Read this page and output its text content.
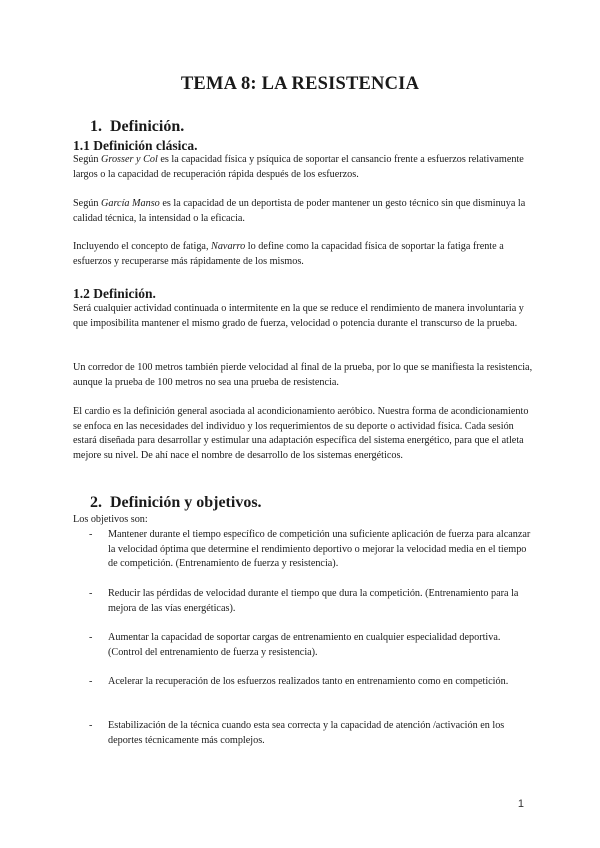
TEMA 8: LA RESISTENCIA
1. Definición.
1.1 Definición clásica.

Según Grosser y Col es la capacidad física y psíquica de soportar el cansancio frente a esfuerzos relativamente largos o la capacidad de recuperación rápida después de los esfuerzos.

Según García Manso es la capacidad de un deportista de poder mantener un gesto técnico sin que disminuya la calidad técnica, la intensidad o la eficacia.

Incluyendo el concepto de fatiga, Navarro lo define como la capacidad física de soportar la fatiga frente a esfuerzos y recuperarse más rápidamente de los mismos.

1.2 Definición.

Será cualquier actividad continuada o intermitente en la que se reduce el rendimiento de manera involuntaria y que imposibilita mantener el mismo grado de fuerza, velocidad o potencia durante el transcurso de la prueba.

Un corredor de 100 metros también pierde velocidad al final de la prueba, por lo que se manifiesta la resistencia, aunque la prueba de 100 metros no sea una prueba de resistencia.

El cardio es la definición general asociada al acondicionamiento aeróbico. Nuestra forma de acondicionamiento se enfoca en las necesidades del individuo y los requerimientos de su deporte o actividad física. Cada sesión estará diseñada para desarrollar y estimular una adaptación específica del sistema energético, para que el atleta mejore su nivel. De ahí nace el nombre de desarrollo de los sistemas energéticos.

2. Definición y objetivos.

Los objetivos son:

- Mantener durante el tiempo específico de competición una suficiente aplicación de fuerza para alcanzar la velocidad óptima que determine el rendimiento deportivo o mejorar la velocidad media en el tiempo de competición. (Entrenamiento de fuerza y resistencia).
- Reducir las pérdidas de velocidad durante el tiempo que dura la competición. (Entrenamiento para la mejora de las vías energéticas).
- Aumentar la capacidad de soportar cargas de entrenamiento en cualquier especialidad deportiva. (Control del entrenamiento de fuerza y resistencia).
- Acelerar la recuperación de los esfuerzos realizados tanto en entrenamiento como en competición.
- Estabilización de la técnica cuando esta sea correcta y la capacidad de atención /activación en los deportes técnicamente más complejos.
1
